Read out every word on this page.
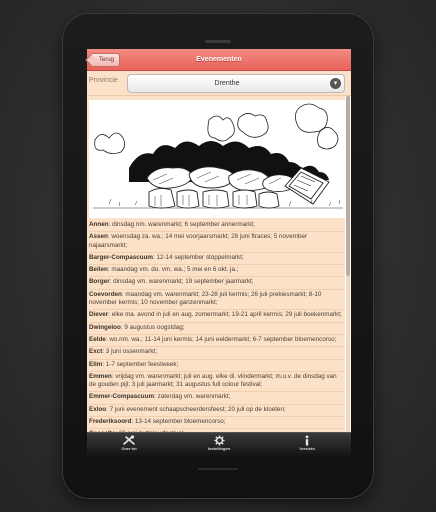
Evenementen
Terug
Provincie	Drenthe	▾
Annen: dinsdag nm. warenmarkt; 6 september annermarkt;
Assen: woensdag za. wa.; 14 mei voorjaarsmarkt; 28 juni ftraces; 5 november najaarsmarkt;
Barger-Compascuum: 12-14 september stoppelmarkt;
Beilen: maandag vm. do. vm. wa.; 5 mei en 6 okt. ja.;
Borger: dinsdag vm. warenmarkt; 19 september jaarmarkt;
Coevorden: maandag vm. warenmarkt; 23-28 juli kermis; 26 juli prekiesmarkt; 8-10 november kermis; 10 november ganzenmarkt;
Diever: elke ma. avond in juli en aug. zomermarkt; 19-21 april kermis; 29 juli boekenmarkt;
Dwingeloo: 9 augustus oogstdag;
Eelde: wo.nm. wa.; 11-14 juni kermis; 14 juni eeldermarkt; 6-7 september bloemencorso;
Exct: 3 juni ossenmarkt;
Elim: 1-7 september feestweek;
Emmen: vrijdag vm. warenmarkt; juli en aug. elke di. vlindermarkt; m.u.v. de dinsdag van de gouden pijl; 3 juli jaarmarkt; 31 augustus full colour festival;
Emmer-Compascuum: zaterdag vm. warenmarkt;
Exloo: 7 juni evenement schaapscheerdersfeest; 20 juli op de kloeten;
Frederiksoord: 13-14 september bloemencorso;
Over tot	Instellingen	Versiefo
